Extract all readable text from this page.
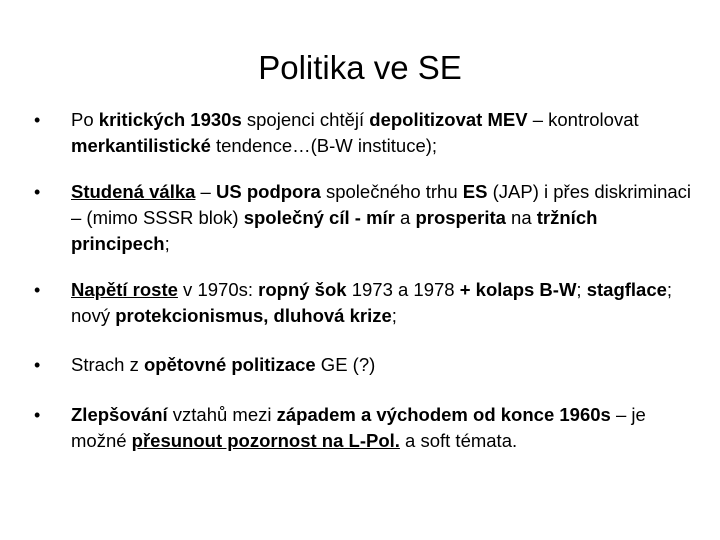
Politika ve SE
•	Po kritických 1930s spojenci chtějí depolitizovat MEV – kontrolovat merkantilistické tendence…(B-W instituce);
•	Studená válka – US podpora společného trhu ES (JAP) i přes diskriminaci – (mimo SSSR blok) společný cíl - mír a prosperita na tržních principech;
•	Napětí roste v 1970s: ropný šok 1973 a 1978 + kolaps B-W; stagflace; nový protekcionismus, dluhová krize;
•	Strach z opětovné politizace GE (?)
•	Zlepšování vztahů mezi západem a východem od konce 1960s – je možné přesunout pozornost na L-Pol. a soft témata.
